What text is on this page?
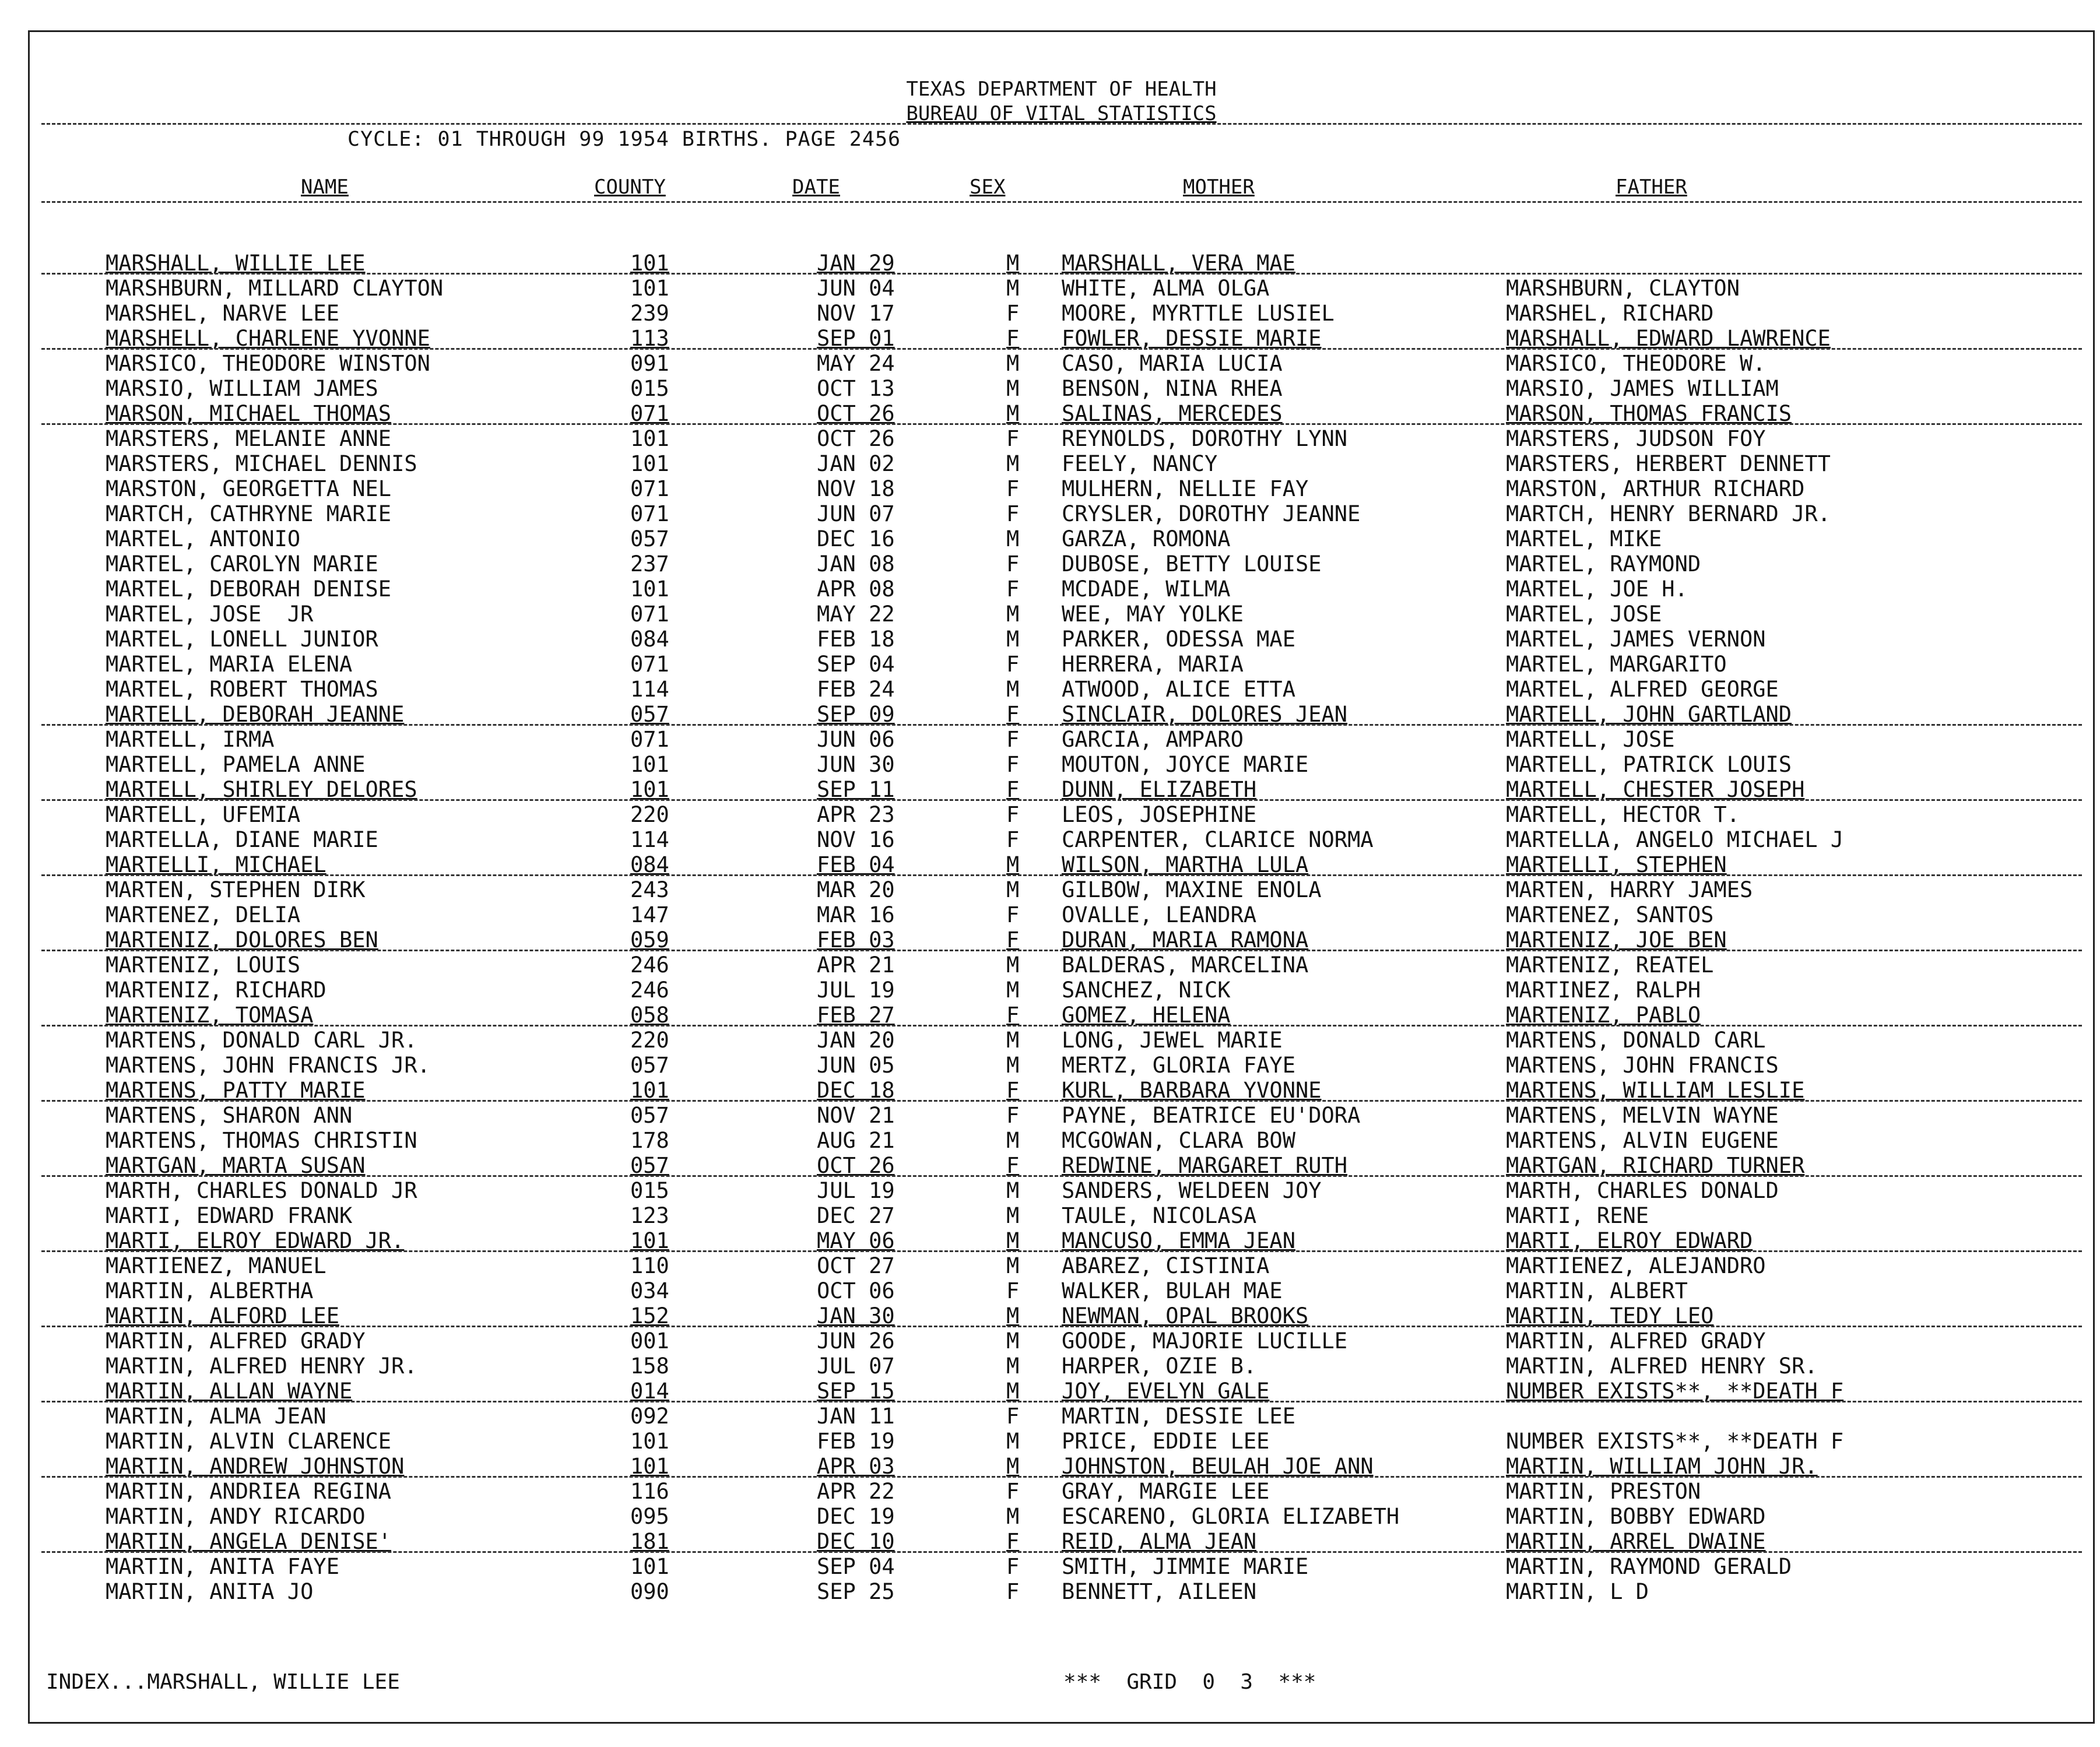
TEXAS DEPARTMENT OF HEALTH
BUREAU OF VITAL STATISTICS
CYCLE: 01 THROUGH 99 1954 BIRTHS. PAGE 2456
NAME	COUNTY	DATE	SEX	MOTHER	FATHER
MARSHALL, WILLIE LEE	101	JAN 29	M MARSHALL, VERA MAE
MARSHBURN, MILLARD CLAYTON	101	JUN 04	M WHITE, ALMA OLGA	MARSHBURN, CLAYTON
MARSHEL, NARVE LEE	239	NOV 17	F MOORE, MYRTTLE LUSIEL	MARSHEL, RICHARD
MARSHELL, CHARLENE YVONNE	113	SEP 01	F FOWLER, DESSIE MARIE	MARSHALL, EDWARD LAWRENCE
MARSICO, THEODORE WINSTON	091	MAY 24	M CASO, MARIA LUCIA	MARSICO, THEODORE W.
MARSIO, WILLIAM JAMES	015	OCT 13	M BENSON, NINA RHEA	MARSIO, JAMES WILLIAM
MARSON, MICHAEL THOMAS	071	OCT 26	M SALINAS, MERCEDES	MARSON, THOMAS FRANCIS
MARSTERS, MELANIE ANNE	101	OCT 26	F REYNOLDS, DOROTHY LYNN	MARSTERS, JUDSON FOY
MARSTERS, MICHAEL DENNIS	101	JAN 02	M FEELY, NANCY	MARSTERS, HERBERT DENNETT
MARSTON, GEORGETTA NEL	071	NOV 18	F MULHERN, NELLIE FAY	MARSTON, ARTHUR RICHARD
MARTCH, CATHRYNE MARIE	071	JUN 07	F CRYSLER, DOROTHY JEANNE	MARTCH, HENRY BERNARD JR.
MARTEL, ANTONIO	057	DEC 16	M GARZA, ROMONA	MARTEL, MIKE
MARTEL, CAROLYN MARIE	237	JAN 08	F DUBOSE, BETTY LOUISE	MARTEL, RAYMOND
MARTEL, DEBORAH DENISE	101	APR 08	F MCDADE, WILMA	MARTEL, JOE H.
MARTEL, JOSE  JR	071	MAY 22	M WEE, MAY YOLKE	MARTEL, JOSE
MARTEL, LONELL JUNIOR	084	FEB 18	M PARKER, ODESSA MAE	MARTEL, JAMES VERNON
MARTEL, MARIA ELENA	071	SEP 04	F HERRERA, MARIA	MARTEL, MARGARITO
MARTEL, ROBERT THOMAS	114	FEB 24	M ATWOOD, ALICE ETTA	MARTEL, ALFRED GEORGE
MARTELL, DEBORAH JEANNE	057	SEP 09	F SINCLAIR, DOLORES JEAN	MARTELL, JOHN GARTLAND
MARTELL, IRMA	071	JUN 06	F GARCIA, AMPARO	MARTELL, JOSE
MARTELL, PAMELA ANNE	101	JUN 30	F MOUTON, JOYCE MARIE	MARTELL, PATRICK LOUIS
MARTELL, SHIRLEY DELORES	101	SEP 11	F DUNN, ELIZABETH	MARTELL, CHESTER JOSEPH
MARTELL, UFEMIA	220	APR 23	F LEOS, JOSEPHINE	MARTELL, HECTOR T.
MARTELLA, DIANE MARIE	114	NOV 16	F CARPENTER, CLARICE NORMA	MARTELLA, ANGELO MICHAEL J
MARTELLI, MICHAEL	084	FEB 04	M WILSON, MARTHA LULA	MARTELLI, STEPHEN
MARTEN, STEPHEN DIRK	243	MAR 20	M GILBOW, MAXINE ENOLA	MARTEN, HARRY JAMES
MARTENEZ, DELIA	147	MAR 16	F OVALLE, LEANDRA	MARTENEZ, SANTOS
MARTENIZ, DOLORES BEN	059	FEB 03	F DURAN, MARIA RAMONA	MARTENIZ, JOE BEN
MARTENIZ, LOUIS	246	APR 21	M BALDERAS, MARCELINA	MARTENIZ, REATEL
MARTENIZ, RICHARD	246	JUL 19	M SANCHEZ, NICK	MARTINEZ, RALPH
MARTENIZ, TOMASA	058	FEB 27	F GOMEZ, HELENA	MARTENIZ, PABLO
MARTENS, DONALD CARL JR.	220	JAN 20	M LONG, JEWEL MARIE	MARTENS, DONALD CARL
MARTENS, JOHN FRANCIS JR.	057	JUN 05	M MERTZ, GLORIA FAYE	MARTENS, JOHN FRANCIS
MARTENS, PATTY MARIE	101	DEC 18	F KURL, BARBARA YVONNE	MARTENS, WILLIAM LESLIE
MARTENS, SHARON ANN	057	NOV 21	F PAYNE, BEATRICE EU'DORA	MARTENS, MELVIN WAYNE
MARTENS, THOMAS CHRISTIN	178	AUG 21	M MCGOWAN, CLARA BOW	MARTENS, ALVIN EUGENE
MARTGAN, MARTA SUSAN	057	OCT 26	F REDWINE, MARGARET RUTH	MARTGAN, RICHARD TURNER
MARTH, CHARLES DONALD JR	015	JUL 19	M SANDERS, WELDEEN JOY	MARTH, CHARLES DONALD
MARTI, EDWARD FRANK	123	DEC 27	M TAULE, NICOLASA	MARTI, RENE
MARTI, ELROY EDWARD JR.	101	MAY 06	M MANCUSO, EMMA JEAN	MARTI, ELROY EDWARD
MARTIENEZ, MANUEL	110	OCT 27	M ABAREZ, CISTINIA	MARTIENEZ, ALEJANDRO
MARTIN, ALBERTHA	034	OCT 06	F WALKER, BULAH MAE	MARTIN, ALBERT
MARTIN, ALFORD LEE	152	JAN 30	M NEWMAN, OPAL BROOKS	MARTIN, TEDY LEO
MARTIN, ALFRED GRADY	001	JUN 26	M GOODE, MAJORIE LUCILLE	MARTIN, ALFRED GRADY
MARTIN, ALFRED HENRY JR.	158	JUL 07	M HARPER, OZIE B.	MARTIN, ALFRED HENRY SR.
MARTIN, ALLAN WAYNE	014	SEP 15	M JOY, EVELYN GALE	NUMBER EXISTS**, **DEATH F
MARTIN, ALMA JEAN	092	JAN 11	F MARTIN, DESSIE LEE
MARTIN, ALVIN CLARENCE	101	FEB 19	M PRICE, EDDIE LEE	NUMBER EXISTS**, **DEATH F
MARTIN, ANDREW JOHNSTON	101	APR 03	M JOHNSTON, BEULAH JOE ANN	MARTIN, WILLIAM JOHN JR.
MARTIN, ANDRIEA REGINA	116	APR 22	F GRAY, MARGIE LEE	MARTIN, PRESTON
MARTIN, ANDY RICARDO	095	DEC 19	M ESCARENO, GLORIA ELIZABETH	MARTIN, BOBBY EDWARD
MARTIN, ANGELA DENISE'	181	DEC 10	F REID, ALMA JEAN	MARTIN, ARREL DWAINE
MARTIN, ANITA FAYE	101	SEP 04	F SMITH, JIMMIE MARIE	MARTIN, RAYMOND GERALD
MARTIN, ANITA JO	090	SEP 25	F BENNETT, AILEEN	MARTIN, L D
INDEX...MARSHALL, WILLIE LEE	***  GRID  0  3  ***
